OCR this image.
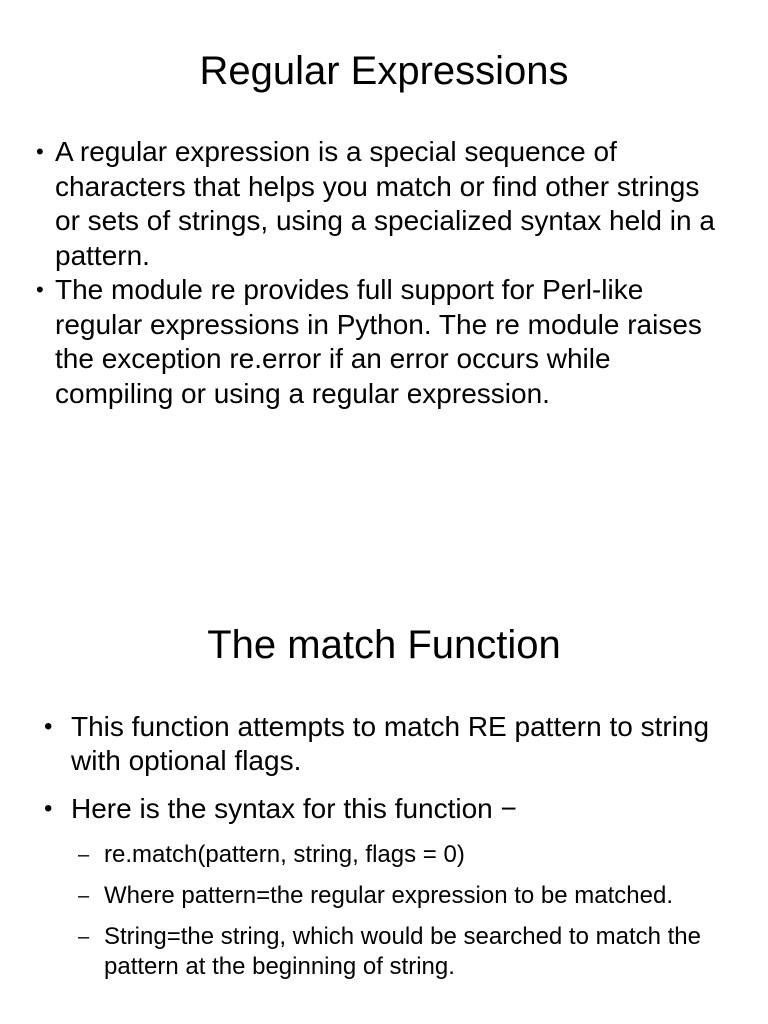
Regular Expressions
• A regular expression is a special sequence of characters that helps you match or find other strings or sets of strings, using a specialized syntax held in a pattern.
• The module re provides full support for Perl-like regular expressions in Python. The re module raises the exception re.error if an error occurs while compiling or using a regular expression.
The match Function
• This function attempts to match RE pattern to string with optional flags.
• Here is the syntax for this function −
– re.match(pattern, string, flags = 0)
– Where pattern=the regular expression to be matched.
– String=the string, which would be searched to match the pattern at the beginning of string.
